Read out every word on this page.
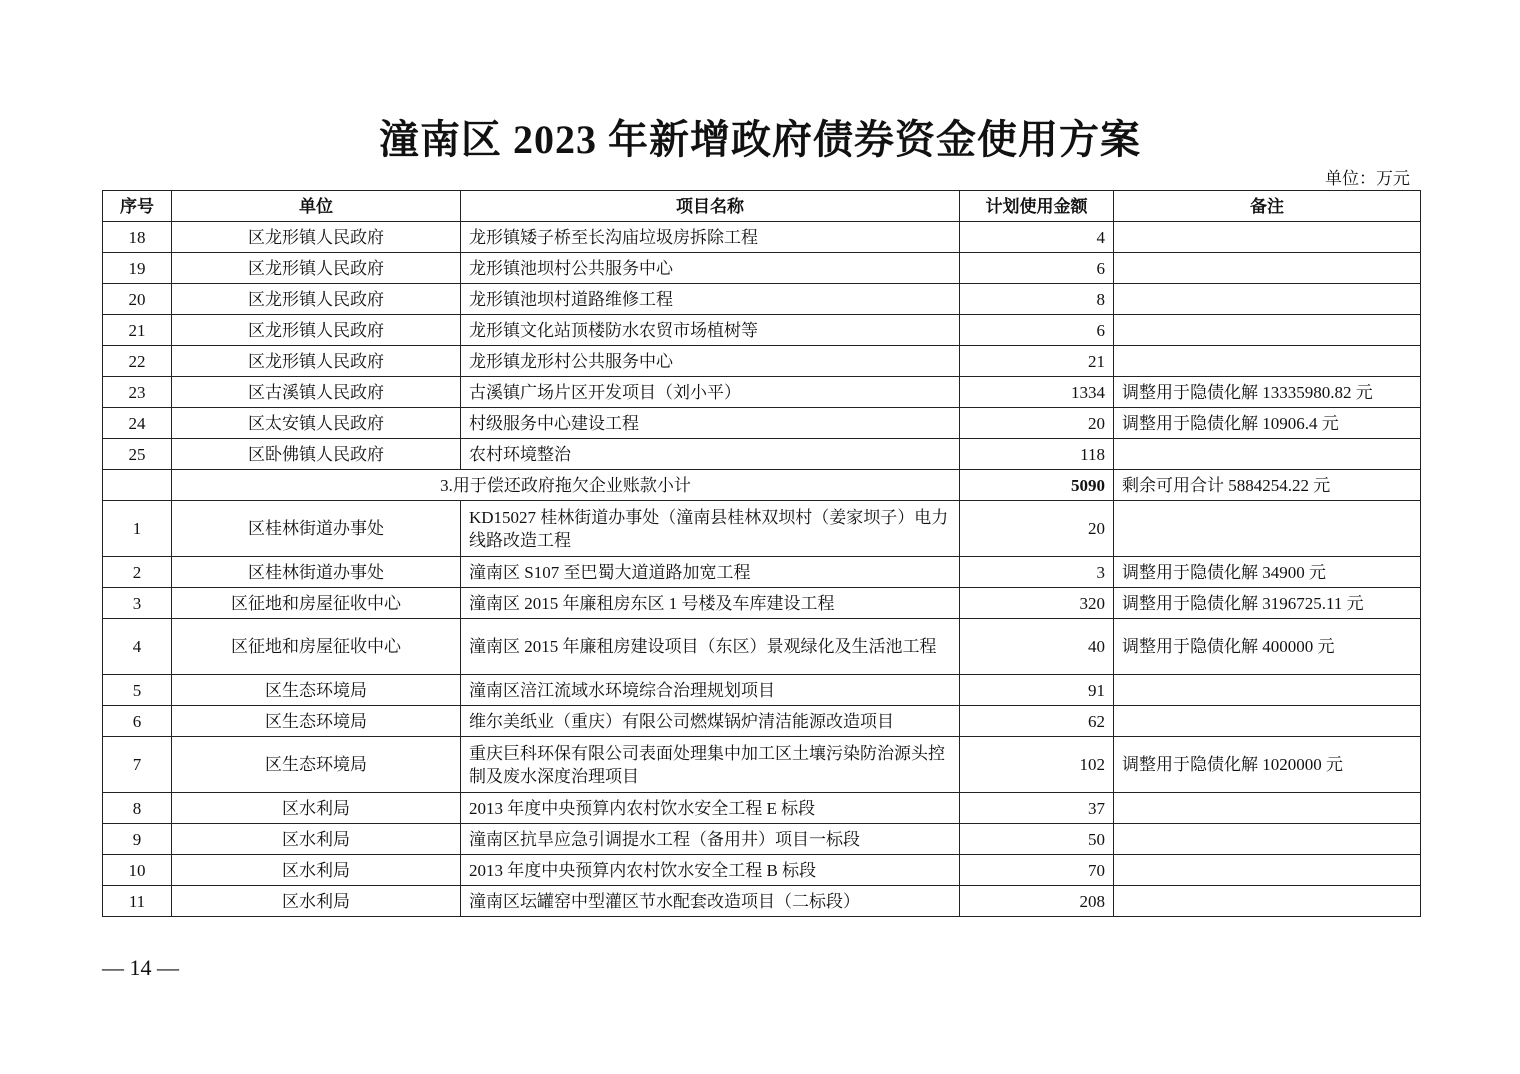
潼南区 2023 年新增政府债券资金使用方案
单位：万元
序号	单位	项目名称	计划使用金额	备注
18	区龙形镇人民政府	龙形镇矮子桥至长沟庙垃圾房拆除工程	4	
19	区龙形镇人民政府	龙形镇池坝村公共服务中心	6	
20	区龙形镇人民政府	龙形镇池坝村道路维修工程	8	
21	区龙形镇人民政府	龙形镇文化站顶楼防水农贸市场植树等	6	
22	区龙形镇人民政府	龙形镇龙形村公共服务中心	21	
23	区古溪镇人民政府	古溪镇广场片区开发项目（刘小平）	1334	调整用于隐债化解 13335980.82 元
24	区太安镇人民政府	村级服务中心建设工程	20	调整用于隐债化解 10906.4 元
25	区卧佛镇人民政府	农村环境整治	118	
	3.用于偿还政府拖欠企业账款小计		5090	剩余可用合计 5884254.22 元
1	区桂林街道办事处	KD15027 桂林街道办事处（潼南县桂林双坝村（姜家坝子）电力线路改造工程	20	
2	区桂林街道办事处	潼南区 S107 至巴蜀大道道路加宽工程	3	调整用于隐债化解 34900 元
3	区征地和房屋征收中心	潼南区 2015 年廉租房东区 1 号楼及车库建设工程	320	调整用于隐债化解 3196725.11 元
4	区征地和房屋征收中心	潼南区 2015 年廉租房建设项目（东区）景观绿化及生活池工程	40	调整用于隐债化解 400000 元
5	区生态环境局	潼南区涪江流域水环境综合治理规划项目	91	
6	区生态环境局	维尔美纸业（重庆）有限公司燃煤锅炉清洁能源改造项目	62	
7	区生态环境局	重庆巨科环保有限公司表面处理集中加工区土壤污染防治源头控制及废水深度治理项目	102	调整用于隐债化解 1020000 元
8	区水利局	2013 年度中央预算内农村饮水安全工程 E 标段	37	
9	区水利局	潼南区抗旱应急引调提水工程（备用井）项目一标段	50	
10	区水利局	2013 年度中央预算内农村饮水安全工程 B 标段	70	
11	区水利局	潼南区坛罐窑中型灌区节水配套改造项目（二标段）	208	
— 14 —
